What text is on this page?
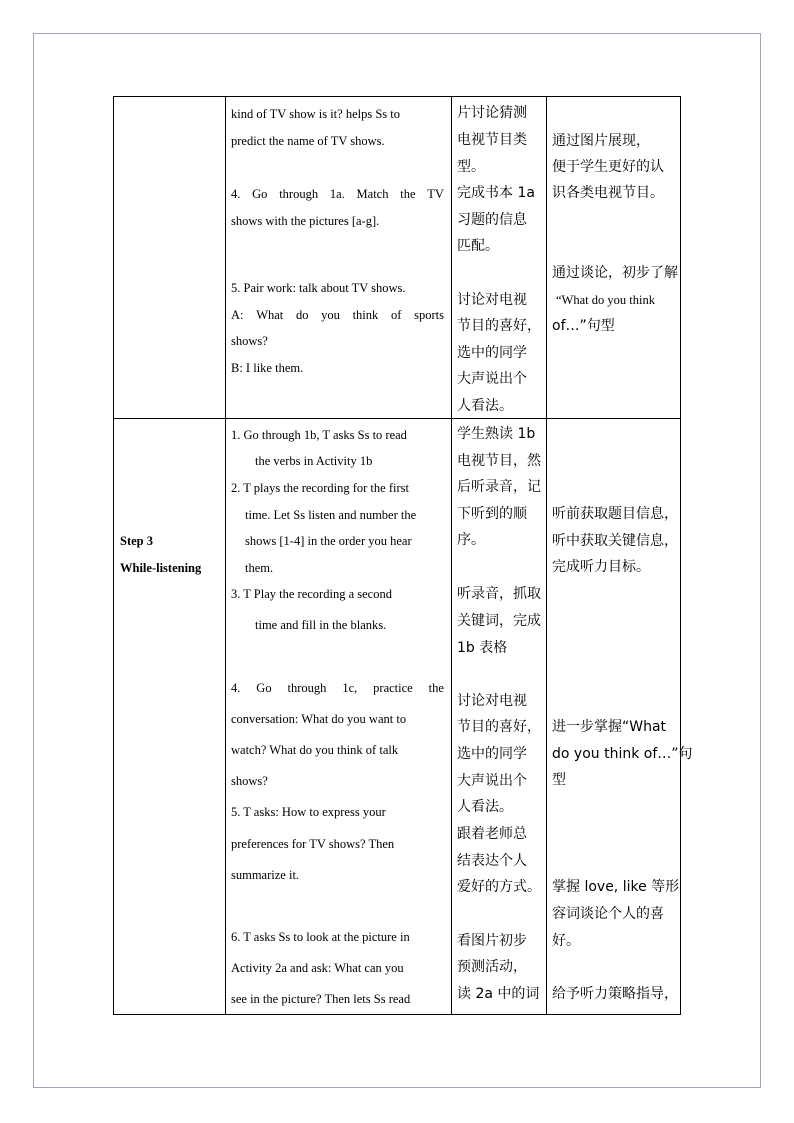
Step 3
While-listening
kind of TV show is it? helps Ss to
predict the name of TV shows.
4. Go through 1a. Match the TV
shows with the pictures [a-g].
5. Pair work: talk about TV shows.
A: What do you think of sports
shows?
B: I like them.
片讨论猜测
电视节目类
型。
完成书本 1a
习题的信息
匹配。
讨论对电视
节目的喜好，
选中的同学
大声说出个
人看法。
通过图片展现，
便于学生更好的认
识各类电视节目。
通过谈论，初步了解
“What do you think
of…”句型
1. Go through 1b, T asks Ss to read
the verbs in Activity 1b
2. T plays the recording for the first
time. Let Ss listen and number the
shows [1-4] in the order you hear
them.
3. T Play the recording a second
time and fill in the blanks.
4. Go through 1c, practice the
conversation: What do you want to
watch? What do you think of talk
shows?
5. T asks: How to express your
preferences for TV shows? Then
summarize it.
6. T asks Ss to look at the picture in
Activity 2a and ask: What can you
see in the picture? Then lets Ss read
学生熟读 1b
电视节目，然
后听录音，记
下听到的顺
序。
听录音，抓取
关键词，完成
1b 表格
讨论对电视
节目的喜好，
选中的同学
大声说出个
人看法。
跟着老师总
结表达个人
爱好的方式。
看图片初步
预测活动，
读 2a 中的词
听前获取题目信息，
听中获取关键信息，
完成听力目标。
进一步掌握“What
do you think of…”句
型
掌握 love, like 等形
容词谈论个人的喜
好。
给予听力策略指导，
